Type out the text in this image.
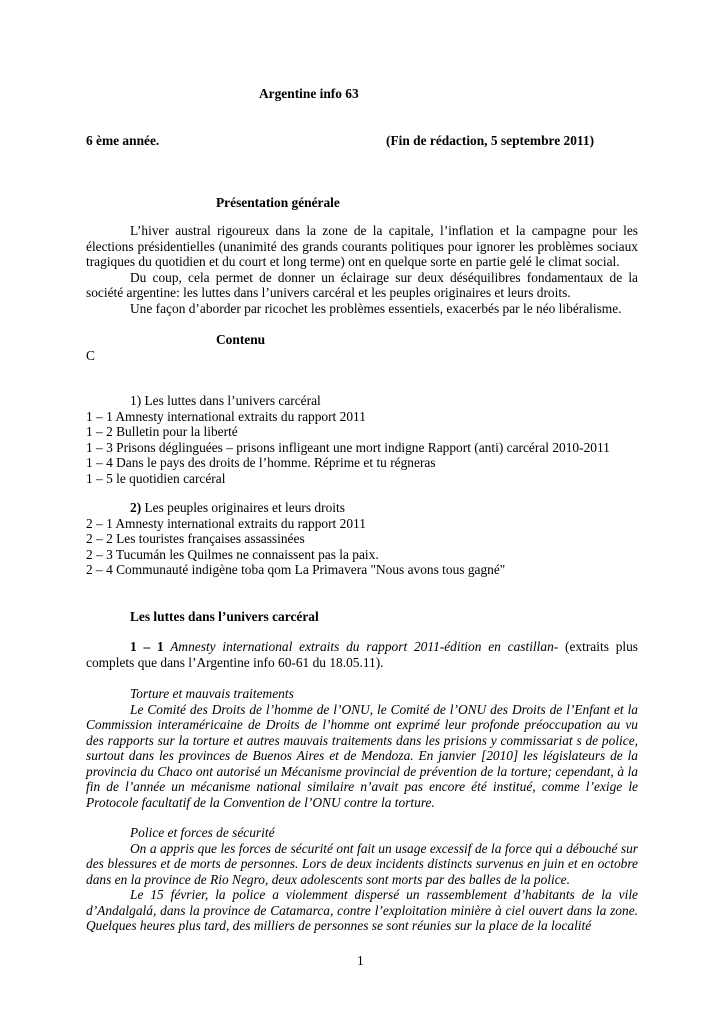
Argentine info 63
6 ème année.	(Fin de rédaction, 5 septembre 2011)
Présentation générale

L’hiver austral rigoureux dans la zone de la capitale, l’inflation et la campagne pour les élections présidentielles (unanimité des grands courants politiques pour ignorer les problèmes sociaux tragiques du quotidien et du court et long terme) ont en quelque sorte en partie gelé le climat social.

Du coup, cela permet de donner un éclairage sur deux déséquilibres fondamentaux de la société argentine: les luttes dans l’univers carcéral et les peuples originaires et leurs droits.

Une façon d’aborder par ricochet les problèmes essentiels, exacerbés par le néo libéralisme.

Contenu
C
1) Les luttes dans l’univers carcéral
1 – 1 Amnesty international extraits du rapport 2011
1 – 2 Bulletin pour la liberté
1 – 3 Prisons déglinguées – prisons infligeant une mort indigne Rapport (anti) carcéral 2010-2011
1 – 4 Dans le pays des droits de l’homme. Réprime et tu régneras
1 – 5 le quotidien carcéral
2) Les peuples originaires et leurs droits
2 – 1 Amnesty international extraits du rapport 2011
2 – 2 Les touristes françaises assassinées
2 – 3 Tucumán les Quilmes ne connaissent pas la paix.
2 – 4 Communauté indigène toba qom La Primavera "Nous avons tous gagné"
Les luttes dans l’univers carcéral

1 – 1 Amnesty international extraits du rapport 2011-édition en castillan- (extraits plus complets que dans l’Argentine info 60-61 du 18.05.11).

Torture et mauvais traitements

Le Comité des Droits de l’homme de l’ONU, le Comité de l’ONU des Droits de l’Enfant et la Commission interaméricaine de Droits de l’homme ont exprimé leur profonde préoccupation au vu des rapports sur la torture et autres mauvais traitements dans les prisions y commissariat s de police, surtout dans les provinces de Buenos Aires et de Mendoza. En janvier [2010] les législateurs de la provincia du Chaco ont autorisé un Mécanisme provincial de prévention de la torture; cependant, à la fin de l’année un mécanisme national similaire n’avait pas encore été institué, comme l’exige le Protocole facultatif de la Convention de l’ONU contre la torture.

Police et forces de sécurité

On a appris que les forces de sécurité ont fait un usage excessif de la force qui a débouché sur des blessures et de morts de personnes. Lors de deux incidents distincts survenus en juin et en octobre dans en la province de Rio Negro, deux adolescents sont morts par des balles de la police.

Le 15 février, la police a violemment dispersé un rassemblement d’habitants de la vile d’Andalgalá, dans la province de Catamarca, contre l’exploitation minière à ciel ouvert dans la zone. Quelques heures plus tard, des milliers de personnes se sont réunies sur la place de la localité

1
